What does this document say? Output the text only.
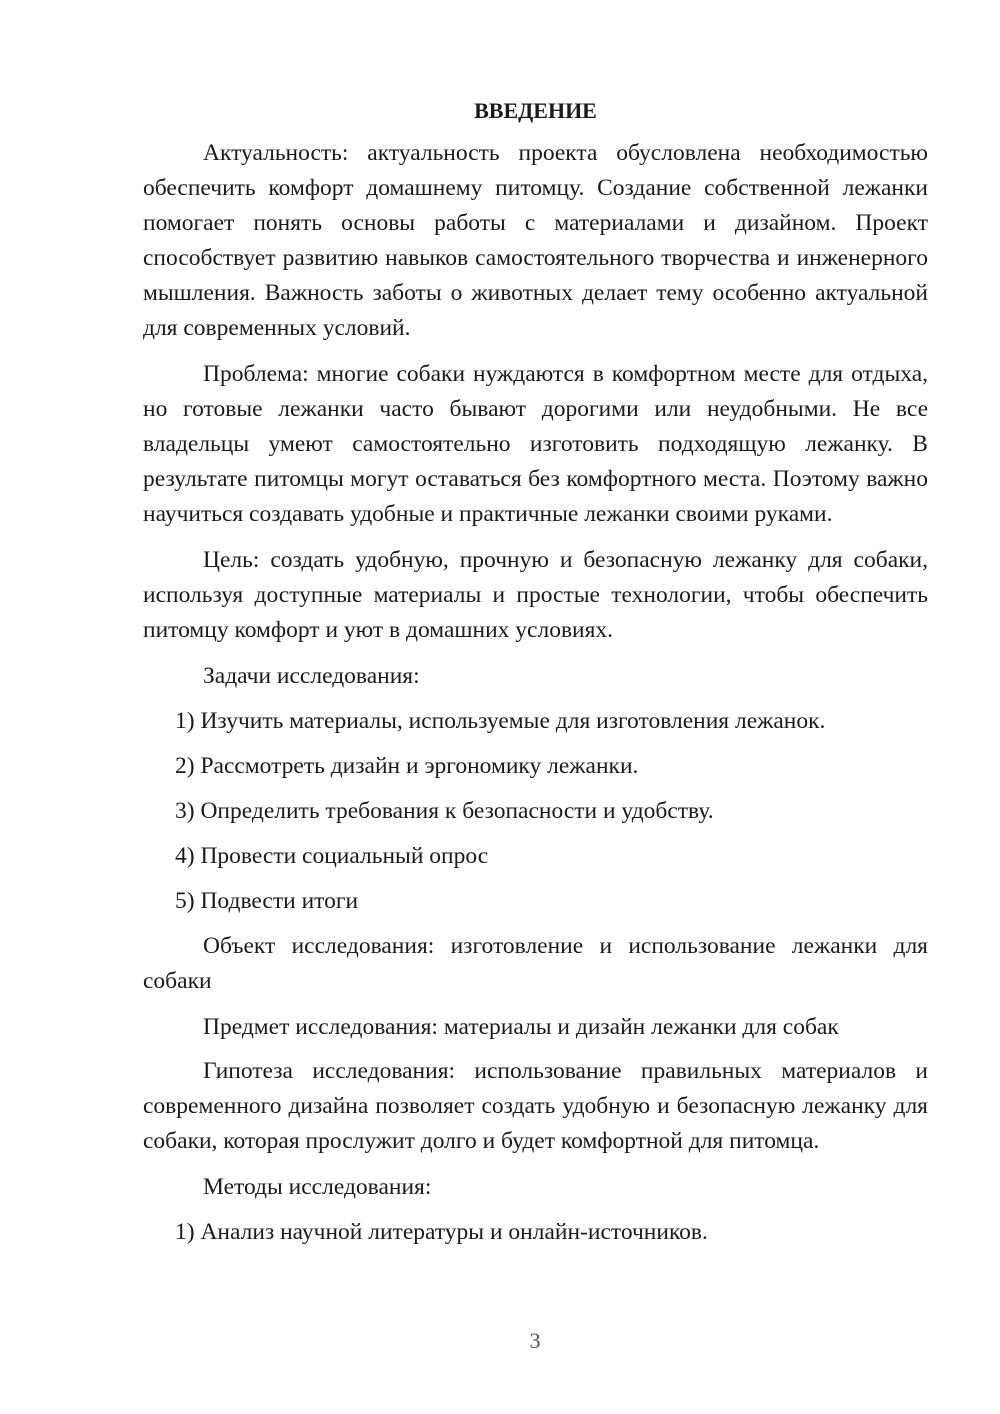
ВВЕДЕНИЕ

Актуальность: актуальность проекта обусловлена необходимостью обеспечить комфорт домашнему питомцу. Создание собственной лежанки помогает понять основы работы с материалами и дизайном. Проект способствует развитию навыков самостоятельного творчества и инженерного мышления. Важность заботы о животных делает тему особенно актуальной для современных условий.

Проблема: многие собаки нуждаются в комфортном месте для отдыха, но готовые лежанки часто бывают дорогими или неудобными. Не все владельцы умеют самостоятельно изготовить подходящую лежанку. В результате питомцы могут оставаться без комфортного места. Поэтому важно научиться создавать удобные и практичные лежанки своими руками.

Цель: создать удобную, прочную и безопасную лежанку для собаки, используя доступные материалы и простые технологии, чтобы обеспечить питомцу комфорт и уют в домашних условиях.

Задачи исследования:
1) Изучить материалы, используемые для изготовления лежанок.
2) Рассмотреть дизайн и эргономику лежанки.
3) Определить требования к безопасности и удобству.
4) Провести социальный опрос
5) Подвести итоги

Объект исследования: изготовление и использование лежанки для собаки

Предмет исследования: материалы и дизайн лежанки для собак

Гипотеза исследования: использование правильных материалов и современного дизайна позволяет создать удобную и безопасную лежанку для собаки, которая прослужит долго и будет комфортной для питомца.

Методы исследования:
1) Анализ научной литературы и онлайн-источников.
3
